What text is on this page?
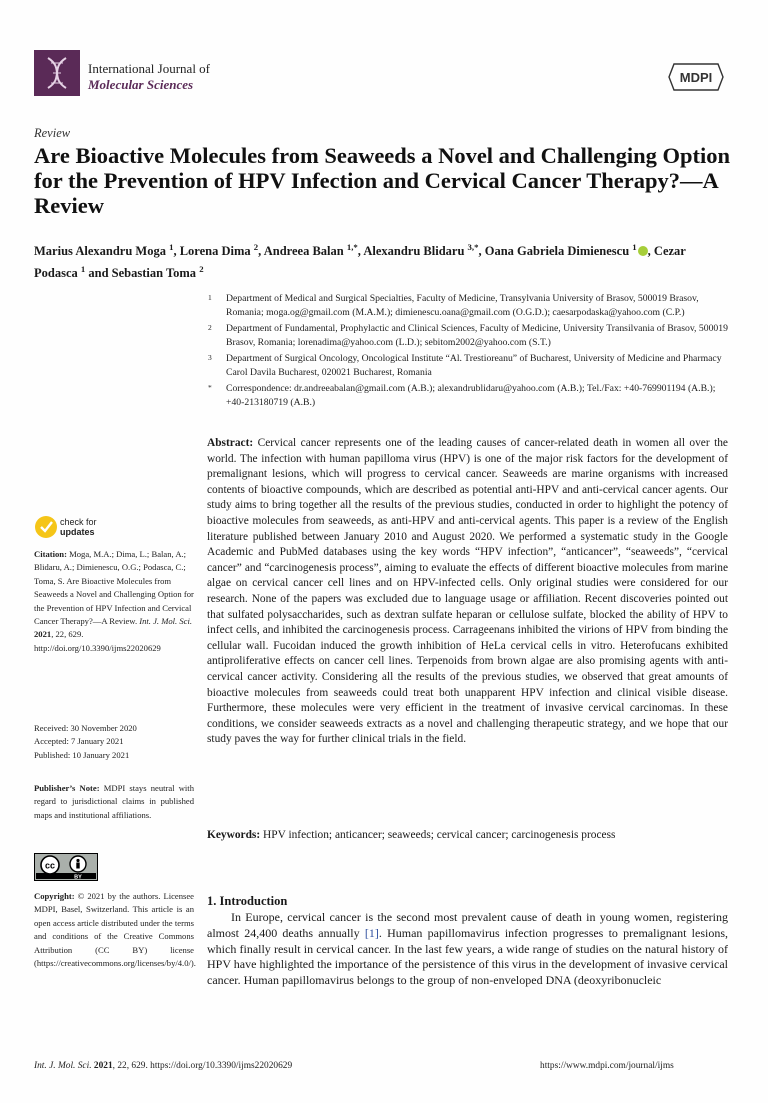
International Journal of
Molecular Sciences	MDPI
Review
Are Bioactive Molecules from Seaweeds a Novel and Challenging Option for the Prevention of HPV Infection and Cervical Cancer Therapy?—A Review
Marius Alexandru Moga $^1$, Lorena Dima $^2$, Andreea Balan $^{1,*}$, Alexandru Blidaru $^{3,*}$, Oana Gabriela Dimienescu $^1$ , Cezar Podasca $^1$ and Sebastian Toma $^2$
1 Department of Medical and Surgical Specialties, Faculty of Medicine, Transylvania University of Brasov, 500019 Brasov, Romania; moga.og@gmail.com (M.A.M.); dimienescu.oana@gmail.com (O.G.D.); caesarpodaska@yahoo.com (C.P.)
2 Department of Fundamental, Prophylactic and Clinical Sciences, Faculty of Medicine, University Transilvania of Brasov, 500019 Brasov, Romania; lorenadima@yahoo.com (L.D.); sebitom2002@yahoo.com (S.T.)
3 Department of Surgical Oncology, Oncological Institute “Al. Trestioreanu” of Bucharest, University of Medicine and Pharmacy Carol Davila Bucharest, 020021 Bucharest, Romania
* Correspondence: dr.andreeabalan@gmail.com (A.B.); alexandrublidaru@yahoo.com (A.B.); Tel./Fax: +40-769901194 (A.B.); +40-213180719 (A.B.)
Abstract: Cervical cancer represents one of the leading causes of cancer-related death in women all over the world. The infection with human papilloma virus (HPV) is one of the major risk factors for the development of premalignant lesions, which will progress to cervical cancer. Seaweeds are marine organisms with increased contents of bioactive compounds, which are described as potential anti-HPV and anti-cervical cancer agents. Our study aims to bring together all the results of the previous studies, conducted in order to highlight the potency of bioactive molecules from seaweeds, as anti-HPV and anti-cervical agents. This paper is a review of the English literature published between January 2010 and August 2020. We performed a systematic study in the Google Academic and PubMed databases using the key words “HPV infection”, “anticancer”, “seaweeds”, “cervical cancer” and “carcinogenesis process”, aiming to evaluate the effects of different bioactive molecules from marine algae on cervical cancer cell lines and on HPV-infected cells. Only original studies were considered for our research. None of the papers was excluded due to language usage or affiliation. Recent discoveries pointed out that sulfated polysaccharides, such as dextran sulfate heparan or cellulose sulfate, blocked the ability of HPV to infect cells, and inhibited the carcinogenesis process. Carrageenans inhibited the virions of HPV from binding the cellular wall. Fucoidan induced the growth inhibition of HeLa cervical cells in vitro. Heterofucans exhibited antiproliferative effects on cancer cell lines. Terpenoids from brown algae are also promising agents with anti-cervical cancer activity. Considering all the results of the previous studies, we observed that great amounts of bioactive molecules from seaweeds could treat both unapparent HPV infection and clinical visible disease. Furthermore, these molecules were very efficient in the treatment of invasive cervical carcinomas. In these conditions, we consider seaweeds extracts as a novel and challenging therapeutic strategy, and we hope that our study paves the way for further clinical trials in the field.
Keywords: HPV infection; anticancer; seaweeds; cervical cancer; carcinogenesis process
1. Introduction
In Europe, cervical cancer is the second most prevalent cause of death in young women, registering almost 24,400 deaths annually [1]. Human papillomavirus infection progresses to premalignant lesions, which finally result in cervical cancer. In the last few years, a wide range of studies on the natural history of HPV have highlighted the importance of the persistence of this virus in the development of invasive cervical cancer. Human papillomavirus belongs to the group of non-enveloped DNA (deoxyribonucleic
check for
updates
Citation: Moga, M.A.; Dima, L.; Balan, A.; Blidaru, A.; Dimienescu, O.G.; Podasca, C.; Toma, S. Are Bioactive Molecules from Seaweeds a Novel and Challenging Option for the Prevention of HPV Infection and Cervical Cancer Therapy?—A Review. Int. J. Mol. Sci. 2021, 22, 629. http://doi.org/10.3390/ijms22020629
Received: 30 November 2020
Accepted: 7 January 2021
Published: 10 January 2021
Publisher’s Note: MDPI stays neutral with regard to jurisdictional claims in published maps and institutional affiliations.
cc
BY
Copyright: © 2021 by the authors. Licensee MDPI, Basel, Switzerland. This article is an open access article distributed under the terms and conditions of the Creative Commons Attribution (CC BY) license (https://creativecommons.org/licenses/by/4.0/).
Int. J. Mol. Sci. 2021, 22, 629. https://doi.org/10.3390/ijms22020629	https://www.mdpi.com/journal/ijms
